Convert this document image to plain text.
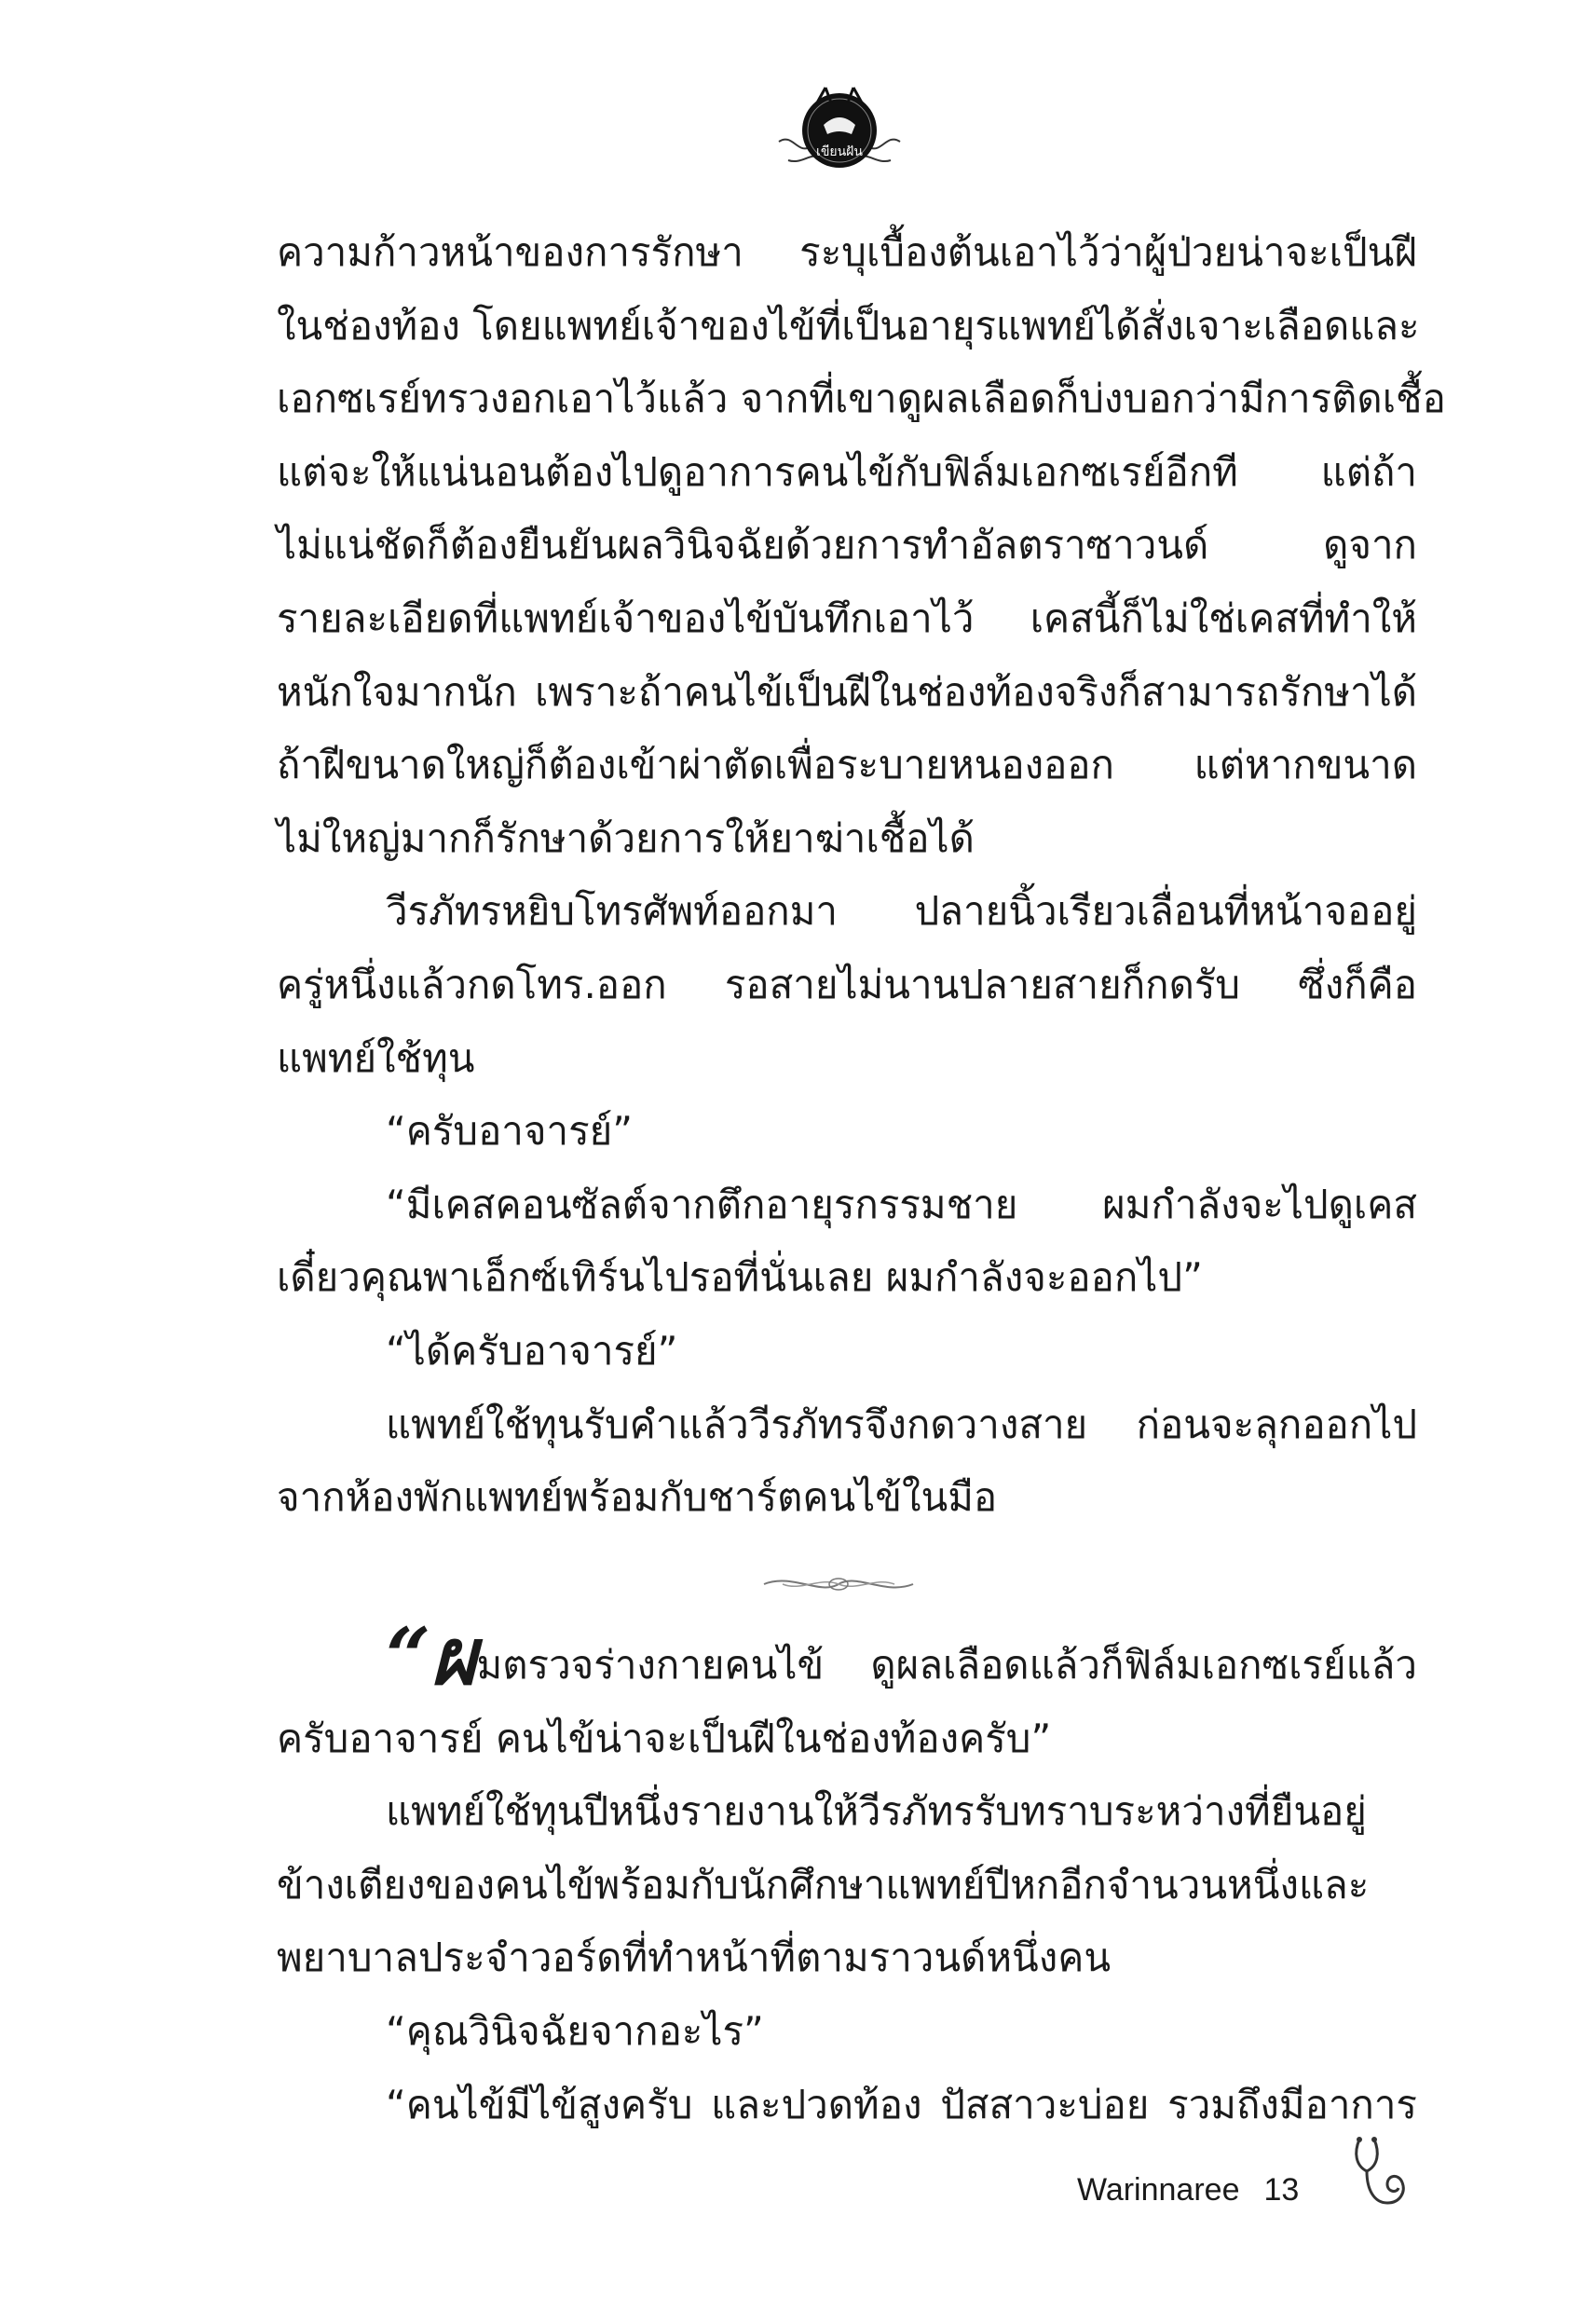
เขียนฝัน
ความก้าวหน้าของการรักษา ระบุเบื้องต้นเอาไว้ว่าผู้ป่วยน่าจะเป็นฝี
ในช่องท้อง โดยแพทย์เจ้าของไข้ที่เป็นอายุรแพทย์ได้สั่งเจาะเลือดและ
เอกซเรย์ทรวงอกเอาไว้แล้ว จากที่เขาดูผลเลือดก็บ่งบอกว่ามีการติดเชื้อ
แต่จะให้แน่นอนต้องไปดูอาการคนไข้กับฟิล์มเอกซเรย์อีกที แต่ถ้า
ไม่แน่ชัดก็ต้องยืนยันผลวินิจฉัยด้วยการทำอัลตราซาวนด์ ดูจาก
รายละเอียดที่แพทย์เจ้าของไข้บันทึกเอาไว้ เคสนี้ก็ไม่ใช่เคสที่ทำให้
หนักใจมากนัก เพราะถ้าคนไข้เป็นฝีในช่องท้องจริงก็สามารถรักษาได้
ถ้าฝีขนาดใหญ่ก็ต้องเข้าผ่าตัดเพื่อระบายหนองออก แต่หากขนาด
ไม่ใหญ่มากก็รักษาด้วยการให้ยาฆ่าเชื้อได้
วีรภัทรหยิบโทรศัพท์ออกมา ปลายนิ้วเรียวเลื่อนที่หน้าจออยู่
ครู่หนึ่งแล้วกดโทร.ออก รอสายไม่นานปลายสายก็กดรับ ซึ่งก็คือ
แพทย์ใช้ทุน
“ครับอาจารย์”
“มีเคสคอนซัลต์จากตึกอายุรกรรมชาย ผมกำลังจะไปดูเคส
เดี๋ยวคุณพาเอ็กซ์เทิร์นไปรอที่นั่นเลย ผมกำลังจะออกไป”
“ได้ครับอาจารย์”
แพทย์ใช้ทุนรับคำแล้ววีรภัทรจึงกดวางสาย ก่อนจะลุกออกไป
จากห้องพักแพทย์พร้อมกับชาร์ตคนไข้ในมือ
“ผมตรวจร่างกายคนไข้ ดูผลเลือดแล้วก็ฟิล์มเอกซเรย์แล้ว
ครับอาจารย์ คนไข้น่าจะเป็นฝีในช่องท้องครับ”
แพทย์ใช้ทุนปีหนึ่งรายงานให้วีรภัทรรับทราบระหว่างที่ยืนอยู่
ข้างเตียงของคนไข้พร้อมกับนักศึกษาแพทย์ปีหกอีกจำนวนหนึ่งและ
พยาบาลประจำวอร์ดที่ทำหน้าที่ตามราวนด์หนึ่งคน
“คุณวินิจฉัยจากอะไร”
“คนไข้มีไข้สูงครับ และปวดท้อง ปัสสาวะบ่อย รวมถึงมีอาการ
Warinnaree 13
